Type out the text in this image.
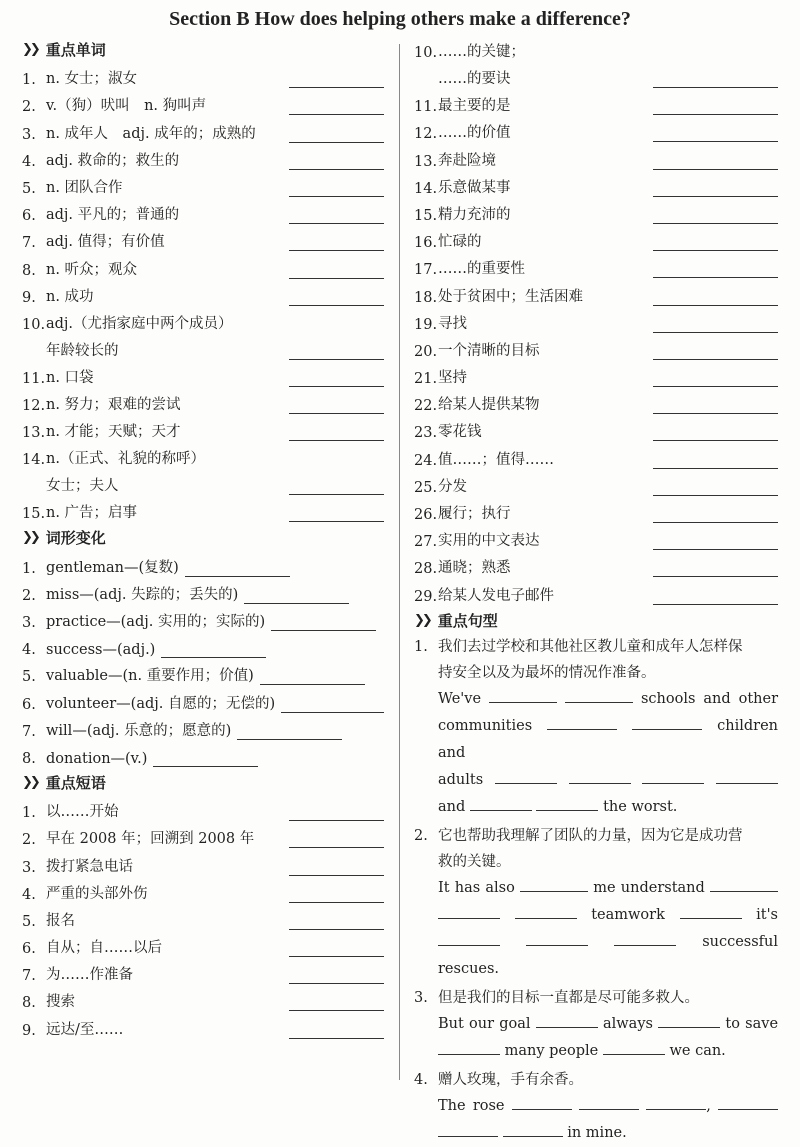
Section B How does helping others make a difference?
❯❯ 重点单词
1. n. 女士；淑女
2. v.（狗）吠叫　n. 狗叫声
3. n. 成年人　adj. 成年的；成熟的
4. adj. 救命的；救生的
5. n. 团队合作
6. adj. 平凡的；普通的
7. adj. 值得；有价值
8. n. 听众；观众
9. n. 成功
10. adj.（尤指家庭中两个成员）
年龄较长的
11. n. 口袋
12. n. 努力；艰难的尝试
13. n. 才能；天赋；天才
14. n.（正式、礼貌的称呼）
女士；夫人
15. n. 广告；启事
❯❯ 词形变化
1. gentleman—(复数)
2. miss—(adj. 失踪的；丢失的)
3. practice—(adj. 实用的；实际的)
4. success—(adj.)
5. valuable—(n. 重要作用；价值)
6. volunteer—(adj. 自愿的；无偿的)
7. will—(adj. 乐意的；愿意的)
8. donation—(v.)
❯❯ 重点短语
1. 以……开始
2. 早在 2008 年；回溯到 2008 年
3. 拨打紧急电话
4. 严重的头部外伤
5. 报名
6. 自从；自……以后
7. 为……作准备
8. 搜索
9. 远达/至……
10. ……的关键；
……的要诀
11. 最主要的是
12. ……的价值
13. 奔赴险境
14. 乐意做某事
15. 精力充沛的
16. 忙碌的
17. ……的重要性
18. 处于贫困中；生活困难
19. 寻找
20. 一个清晰的目标
21. 坚持
22. 给某人提供某物
23. 零花钱
24. 值……；值得……
25. 分发
26. 履行；执行
27. 实用的中文表达
28. 通晓；熟悉
29. 给某人发电子邮件
❯❯ 重点句型
1. 我们去过学校和其他社区教儿童和成年人怎样保
持安全以及为最坏的情况作准备。
We've	schools and other
communities	children and
adults
and	the worst.
2. 它也帮助我理解了团队的力量，因为它是成功营
救的关键。
It has also	me understand
teamwork	it's
successful rescues.
3. 但是我们的目标一直都是尽可能多救人。
But our goal	always	to save
many people	we can.
4. 赠人玫瑰，手有余香。
The rose	,
in mine.
